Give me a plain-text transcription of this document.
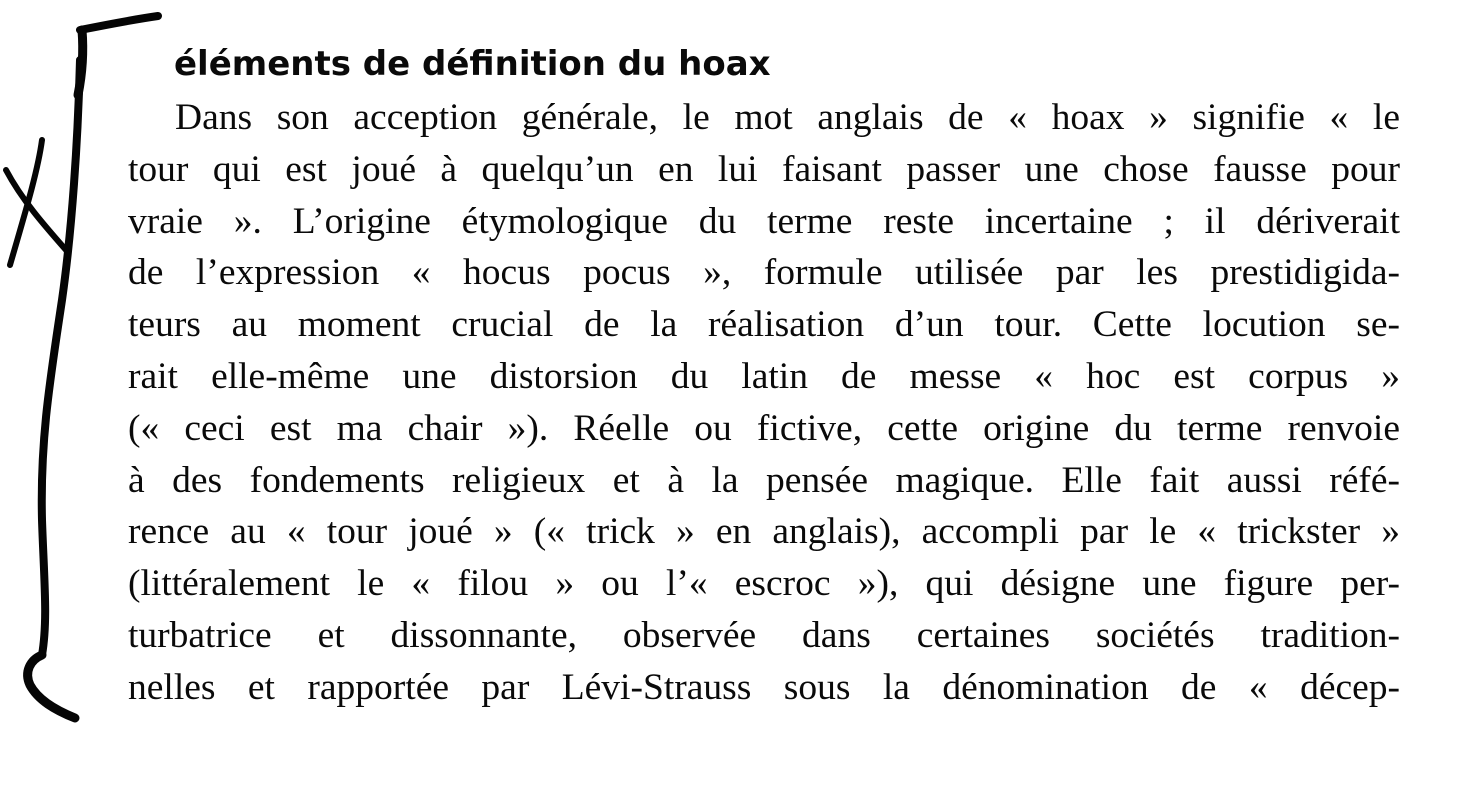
éléments de définition du hoax

Dans son acception générale, le mot anglais de « hoax » signifie « le
tour qui est joué à quelqu’un en lui faisant passer une chose fausse pour
vraie ». L’origine étymologique du terme reste incertaine ; il dériverait
de l’expression « hocus pocus », formule utilisée par les prestidigida-
teurs au moment crucial de la réalisation d’un tour. Cette locution se-
rait elle-même une distorsion du latin de messe « hoc est corpus »
(« ceci est ma chair »). Réelle ou fictive, cette origine du terme renvoie
à des fondements religieux et à la pensée magique. Elle fait aussi réfé-
rence au « tour joué » (« trick » en anglais), accompli par le « trickster »
(littéralement le « filou » ou l’« escroc »), qui désigne une figure per-
turbatrice et dissonnante, observée dans certaines sociétés tradition-
nelles et rapportée par Lévi-Strauss sous la dénomination de « décep-
